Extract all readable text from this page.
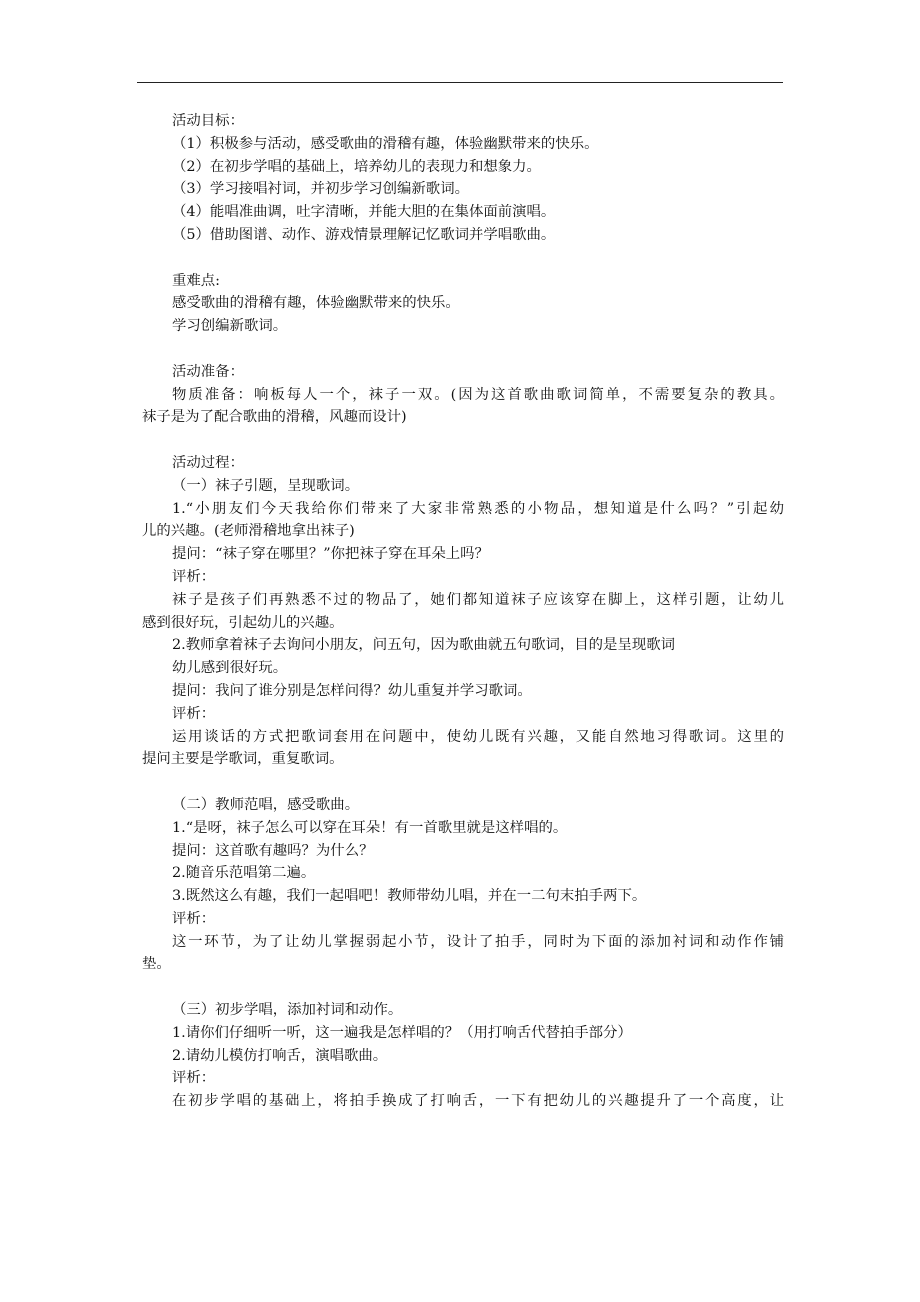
活动目标：
（1）积极参与活动，感受歌曲的滑稽有趣，体验幽默带来的快乐。
（2）在初步学唱的基础上，培养幼儿的表现力和想象力。
（3）学习接唱衬词，并初步学习创编新歌词。
（4）能唱准曲调，吐字清晰，并能大胆的在集体面前演唱。
（5）借助图谱、动作、游戏情景理解记忆歌词并学唱歌曲。
重难点:
感受歌曲的滑稽有趣，体验幽默带来的快乐。
学习创编新歌词。
活动准备：
物质准备：响板每人一个，袜子一双。(因为这首歌曲歌词简单，不需要复杂的教具。
袜子是为了配合歌曲的滑稽，风趣而设计)
活动过程：
（一）袜子引题，呈现歌词。
1.“小朋友们今天我给你们带来了大家非常熟悉的小物品，想知道是什么吗？”引起幼
儿的兴趣。(老师滑稽地拿出袜子)
提问：“袜子穿在哪里？”你把袜子穿在耳朵上吗？
评析：
袜子是孩子们再熟悉不过的物品了，她们都知道袜子应该穿在脚上，这样引题，让幼儿
感到很好玩，引起幼儿的兴趣。
2.教师拿着袜子去询问小朋友，问五句，因为歌曲就五句歌词，目的是呈现歌词
幼儿感到很好玩。
提问：我问了谁分别是怎样问得？幼儿重复并学习歌词。
评析：
运用谈话的方式把歌词套用在问题中，使幼儿既有兴趣，又能自然地习得歌词。这里的
提问主要是学歌词，重复歌词。
（二）教师范唱，感受歌曲。
1.“是呀，袜子怎么可以穿在耳朵！有一首歌里就是这样唱的。
提问：这首歌有趣吗？为什么？
2.随音乐范唱第二遍。
3.既然这么有趣，我们一起唱吧！教师带幼儿唱，并在一二句末拍手两下。
评析：
这一环节，为了让幼儿掌握弱起小节，设计了拍手，同时为下面的添加衬词和动作作铺
垫。
（三）初步学唱，添加衬词和动作。
1.请你们仔细听一听，这一遍我是怎样唱的？（用打响舌代替拍手部分）
2.请幼儿模仿打响舌，演唱歌曲。
评析：
在初步学唱的基础上，将拍手换成了打响舌，一下有把幼儿的兴趣提升了一个高度，让
